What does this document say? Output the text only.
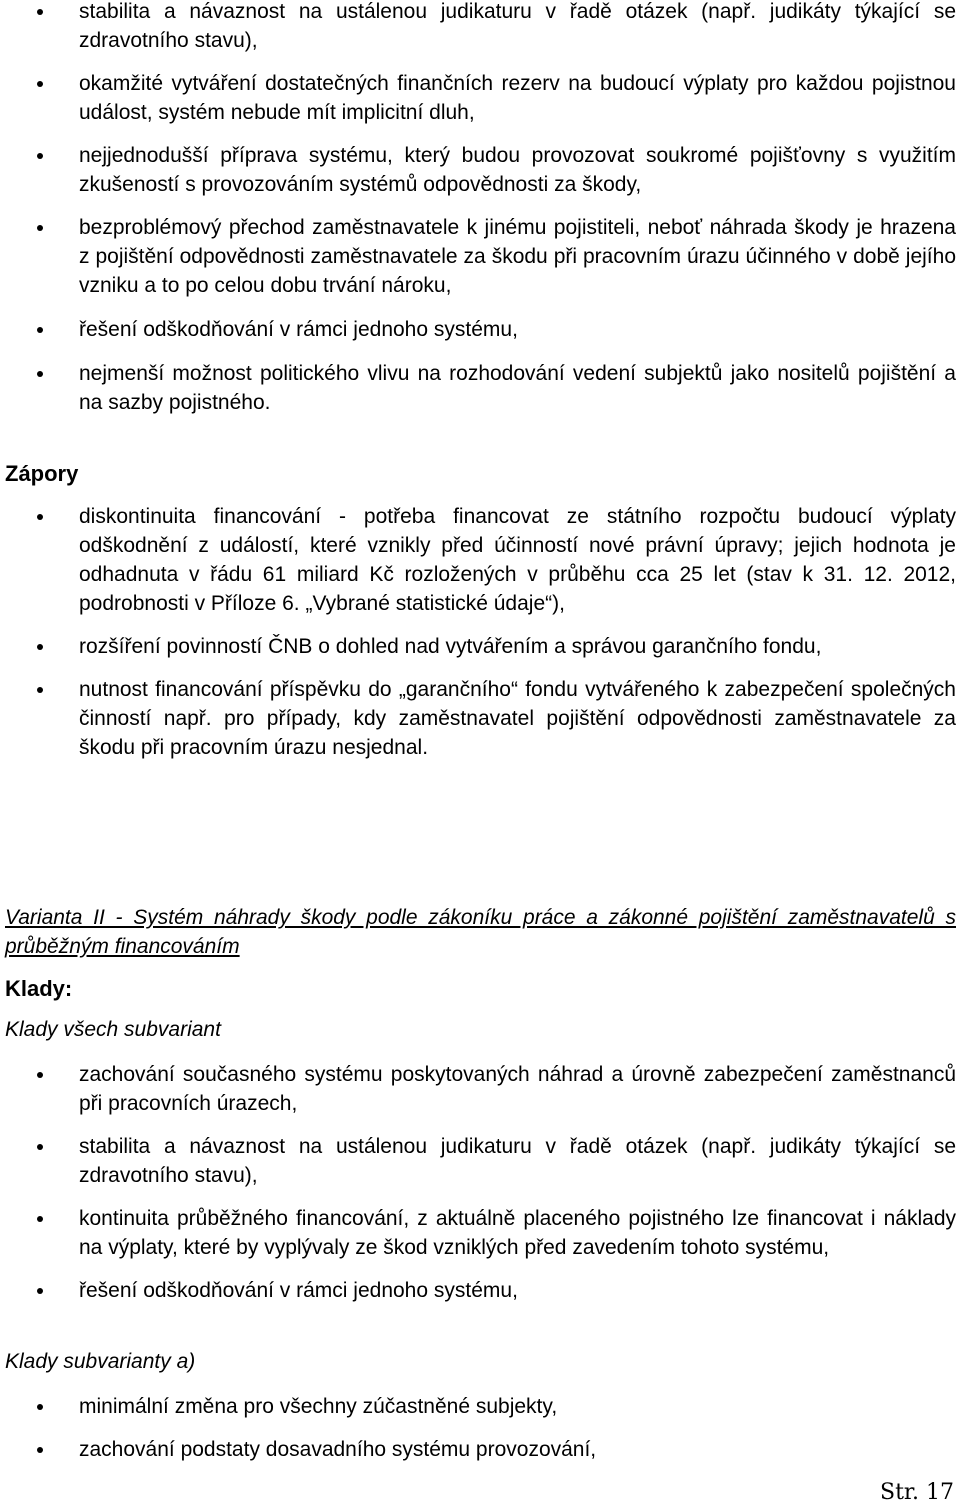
stabilita a návaznost na ustálenou judikaturu v řadě otázek (např. judikáty týkající se zdravotního stavu),
okamžité vytváření dostatečných finančních rezerv na budoucí výplaty pro každou pojistnou událost, systém nebude mít implicitní dluh,
nejjednodušší příprava systému, který budou provozovat soukromé pojišťovny s využitím zkušeností s provozováním systémů odpovědnosti za škody,
bezproblémový přechod zaměstnavatele k jinému pojistiteli, neboť náhrada škody je hrazena z pojištění odpovědnosti zaměstnavatele za škodu při pracovním úrazu účinného v době jejího vzniku a to po celou dobu trvání nároku,
řešení odškodňování v rámci jednoho systému,
nejmenší možnost politického vlivu na rozhodování vedení subjektů jako nositelů pojištění a na sazby pojistného.
Zápory
diskontinuita financování - potřeba financovat ze státního rozpočtu budoucí výplaty odškodnění z událostí, které vznikly před účinností nové právní úpravy; jejich hodnota je odhadnuta v řádu 61 miliard Kč rozložených v průběhu cca 25 let (stav k 31. 12. 2012, podrobnosti v Příloze 6. „Vybrané statistické údaje“),
rozšíření povinností ČNB o dohled nad vytvářením a správou garančního fondu,
nutnost financování příspěvku do „garančního“ fondu vytvářeného k zabezpečení společných činností např. pro případy, kdy zaměstnavatel pojištění odpovědnosti zaměstnavatele za škodu při pracovním úrazu nesjednal.
Varianta II - Systém náhrady škody podle zákoníku práce a zákonné pojištění zaměstnavatelů s průběžným financováním
Klady:
Klady všech subvariant
zachování současného systému poskytovaných náhrad a úrovně zabezpečení zaměstnanců při pracovních úrazech,
stabilita a návaznost na ustálenou judikaturu v řadě otázek (např. judikáty týkající se zdravotního stavu),
kontinuita průběžného financování, z aktuálně placeného pojistného lze financovat i náklady na výplaty, které by vyplývaly ze škod vzniklých před zavedením tohoto systému,
řešení odškodňování v rámci jednoho systému,
Klady subvarianty a)
minimální změna pro všechny zúčastněné subjekty,
zachování podstaty dosavadního systému provozování,
Str. 17
